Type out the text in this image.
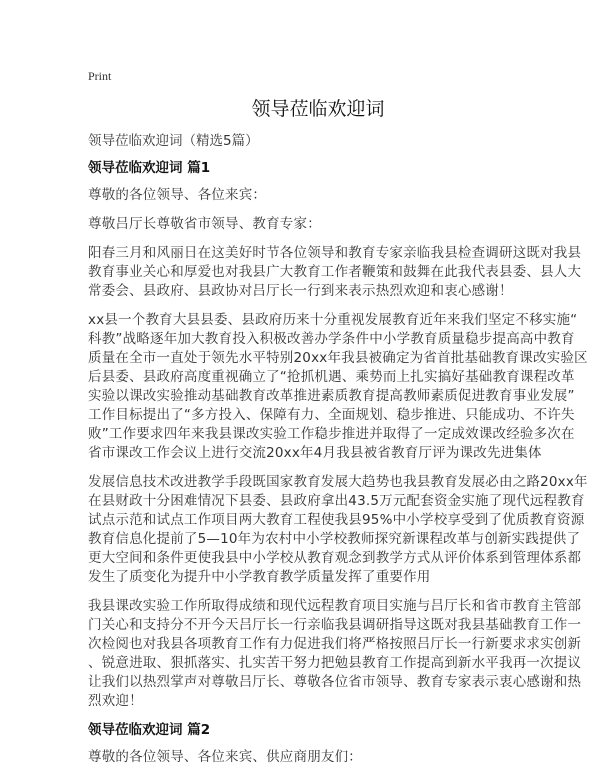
Print
领导莅临欢迎词
领导莅临欢迎词（精选5篇）
领导莅临欢迎词 篇1
尊敬的各位领导、各位来宾：
尊敬吕厅长尊敬省市领导、教育专家：
阳春三月和风丽日在这美好时节各位领导和教育专家亲临我县检查调研这既对我县
教育事业关心和厚爱也对我县广大教育工作者鞭策和鼓舞在此我代表县委、县人大
常委会、县政府、县政协对吕厅长一行到来表示热烈欢迎和衷心感谢！
xx县一个教育大县县委、县政府历来十分重视发展教育近年来我们坚定不移实施“
科教”战略逐年加大教育投入积极改善办学条件中小学教育质量稳步提高高中教育
质量在全市一直处于领先水平特别20xx年我县被确定为省首批基础教育课改实验区
后县委、县政府高度重视确立了“抢抓机遇、乘势而上扎实搞好基础教育课程改革
实验以课改实验推动基础教育改革推进素质教育提高教师素质促进教育事业发展”
工作目标提出了“多方投入、保障有力、全面规划、稳步推进、只能成功、不许失
败”工作要求四年来我县课改实验工作稳步推进并取得了一定成效课改经验多次在
省市课改工作会议上进行交流20xx年4月我县被省教育厅评为课改先进集体
发展信息技术改进教学手段既国家教育发展大趋势也我县教育发展必由之路20xx年
在县财政十分困难情况下县委、县政府拿出43.5万元配套资金实施了现代远程教育
试点示范和试点工作项目两大教育工程使我县95%中小学校享受到了优质教育资源
教育信息化提前了5—10年为农村中小学校教师探究新课程改革与创新实践提供了
更大空间和条件更使我县中小学校从教育观念到教学方式从评价体系到管理体系都
发生了质变化为提升中小学教育教学质量发挥了重要作用
我县课改实验工作所取得成绩和现代远程教育项目实施与吕厅长和省市教育主管部
门关心和支持分不开今天吕厅长一行亲临我县调研指导这既对我县基础教育工作一
次检阅也对我县各项教育工作有力促进我们将严格按照吕厅长一行新要求求实创新
、锐意进取、狠抓落实、扎实苦干努力把勉县教育工作提高到新水平我再一次提议
让我们以热烈掌声对尊敬吕厅长、尊敬各位省市领导、教育专家表示衷心感谢和热
烈欢迎！
领导莅临欢迎词 篇2
尊敬的各位领导、各位来宾、供应商朋友们：
